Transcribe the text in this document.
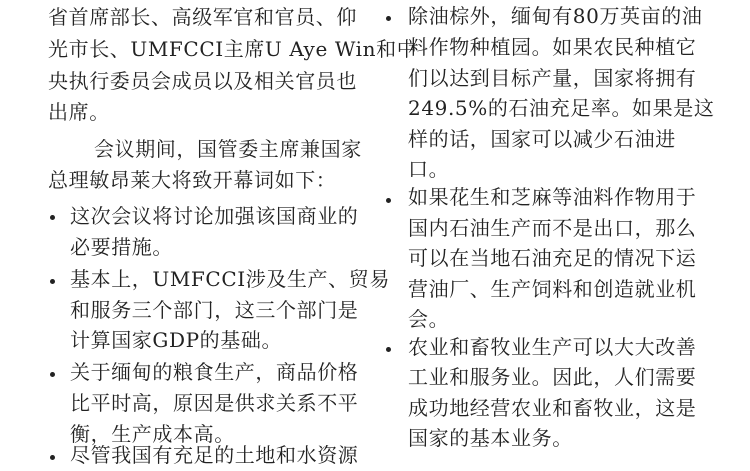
省首席部长、高级军官和官员、仰
光市长、UMFCCI主席U Aye Win和中
央执行委员会成员以及相关官员也
出席。
会议期间，国管委主席兼国家
总理敏昂莱大将致开幕词如下：
这次会议将讨论加强该国商业的
必要措施。
基本上，UMFCCI涉及生产、贸易
和服务三个部门，这三个部门是
计算国家GDP的基础。
关于缅甸的粮食生产，商品价格
比平时高，原因是供求关系不平
衡，生产成本高。
尽管我国有充足的土地和水资源
除油棕外，缅甸有80万英亩的油
料作物种植园。如果农民种植它
们以达到目标产量，国家将拥有
249.5%的石油充足率。如果是这
样的话，国家可以减少石油进
口。
如果花生和芝麻等油料作物用于
国内石油生产而不是出口，那么
可以在当地石油充足的情况下运
营油厂、生产饲料和创造就业机
会。
农业和畜牧业生产可以大大改善
工业和服务业。因此，人们需要
成功地经营农业和畜牧业，这是
国家的基本业务。
